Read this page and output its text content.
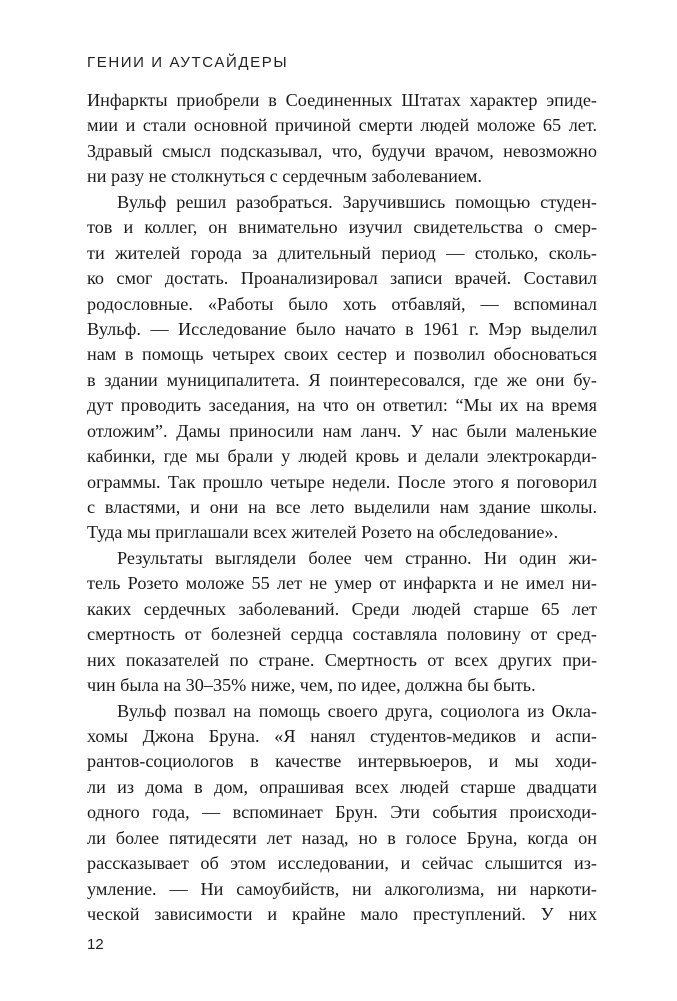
ГЕНИИ И АУТСАЙДЕРЫ
Инфаркты приобрели в Соединенных Штатах характер эпиде-
мии и стали основной причиной смерти людей моложе 65 лет.
Здравый смысл подсказывал, что, будучи врачом, невозможно
ни разу не столкнуться с сердечным заболеванием.
Вульф решил разобраться. Заручившись помощью студен-
тов и коллег, он внимательно изучил свидетельства о смер-
ти жителей города за длительный период — столько, сколь-
ко смог достать. Проанализировал записи врачей. Составил
родословные. «Работы было хоть отбавляй, — вспоминал
Вульф. — Исследование было начато в 1961 г. Мэр выделил
нам в помощь четырех своих сестер и позволил обосноваться
в здании муниципалитета. Я поинтересовался, где же они бу-
дут проводить заседания, на что он ответил: “Мы их на время
отложим”. Дамы приносили нам ланч. У нас были маленькие
кабинки, где мы брали у людей кровь и делали электрокарди-
ограммы. Так прошло четыре недели. После этого я поговорил
с властями, и они на все лето выделили нам здание школы.
Туда мы приглашали всех жителей Розето на обследование».
Результаты выглядели более чем странно. Ни один жи-
тель Розето моложе 55 лет не умер от инфаркта и не имел ни-
каких сердечных заболеваний. Среди людей старше 65 лет
смертность от болезней сердца составляла половину от сред-
них показателей по стране. Смертность от всех других при-
чин была на 30–35% ниже, чем, по идее, должна бы быть.
Вульф позвал на помощь своего друга, социолога из Окла-
хомы Джона Бруна. «Я нанял студентов-медиков и аспи-
рантов-социологов в качестве интервьюеров, и мы ходи-
ли из дома в дом, опрашивая всех людей старше двадцати
одного года, — вспоминает Брун. Эти события происходи-
ли более пятидесяти лет назад, но в голосе Бруна, когда он
рассказывает об этом исследовании, и сейчас слышится из-
умление. — Ни самоубийств, ни алкоголизма, ни наркоти-
ческой зависимости и крайне мало преступлений. У них
12
